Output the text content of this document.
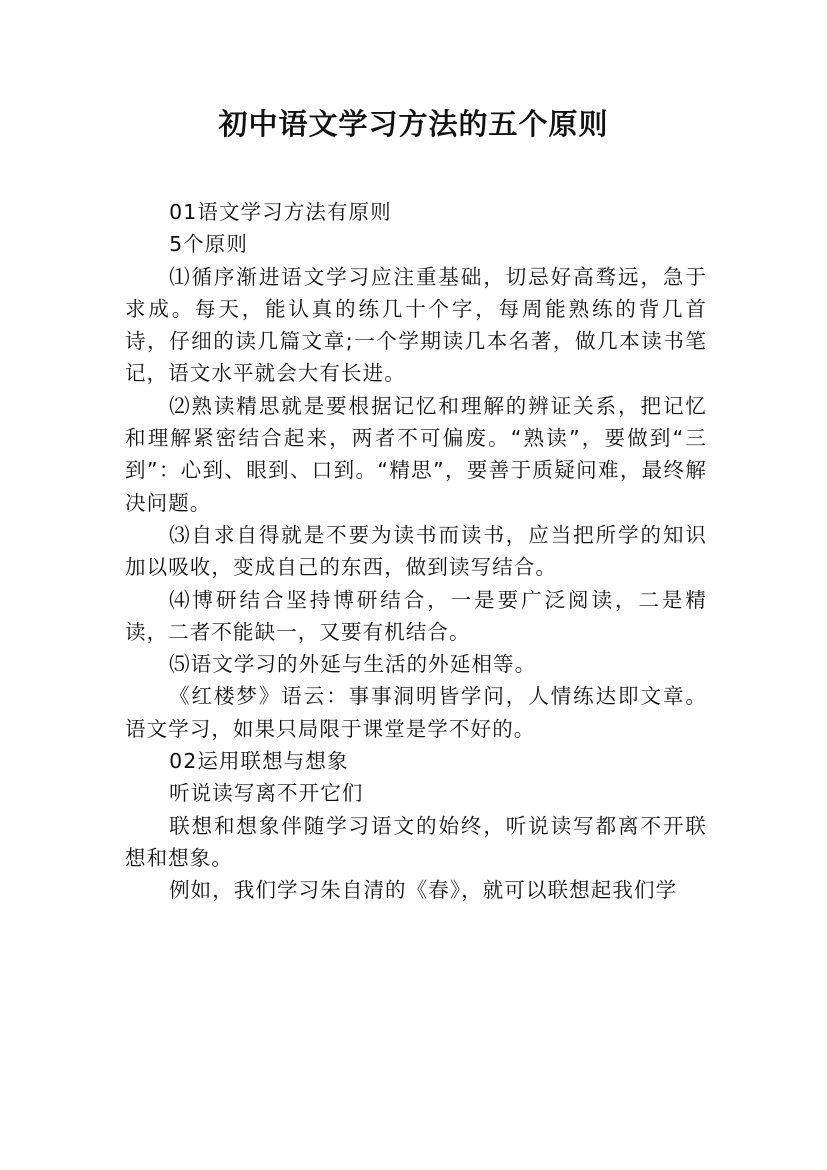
初中语文学习方法的五个原则

01语文学习方法有原则

5个原则

⑴循序渐进语文学习应注重基础，切忌好高骛远，急于求成。每天，能认真的练几十个字，每周能熟练的背几首诗，仔细的读几篇文章;一个学期读几本名著，做几本读书笔记，语文水平就会大有长进。

⑵熟读精思就是要根据记忆和理解的辨证关系，把记忆和理解紧密结合起来，两者不可偏废。“熟读”，要做到“三到”：心到、眼到、口到。“精思”，要善于质疑问难，最终解决问题。

⑶自求自得就是不要为读书而读书，应当把所学的知识加以吸收，变成自己的东西，做到读写结合。

⑷博研结合坚持博研结合，一是要广泛阅读，二是精读，二者不能缺一，又要有机结合。

⑸语文学习的外延与生活的外延相等。

《红楼梦》语云：事事洞明皆学问，人情练达即文章。语文学习，如果只局限于课堂是学不好的。

02运用联想与想象

听说读写离不开它们

联想和想象伴随学习语文的始终，听说读写都离不开联想和想象。

例如，我们学习朱自清的《春》，就可以联想起我们学
